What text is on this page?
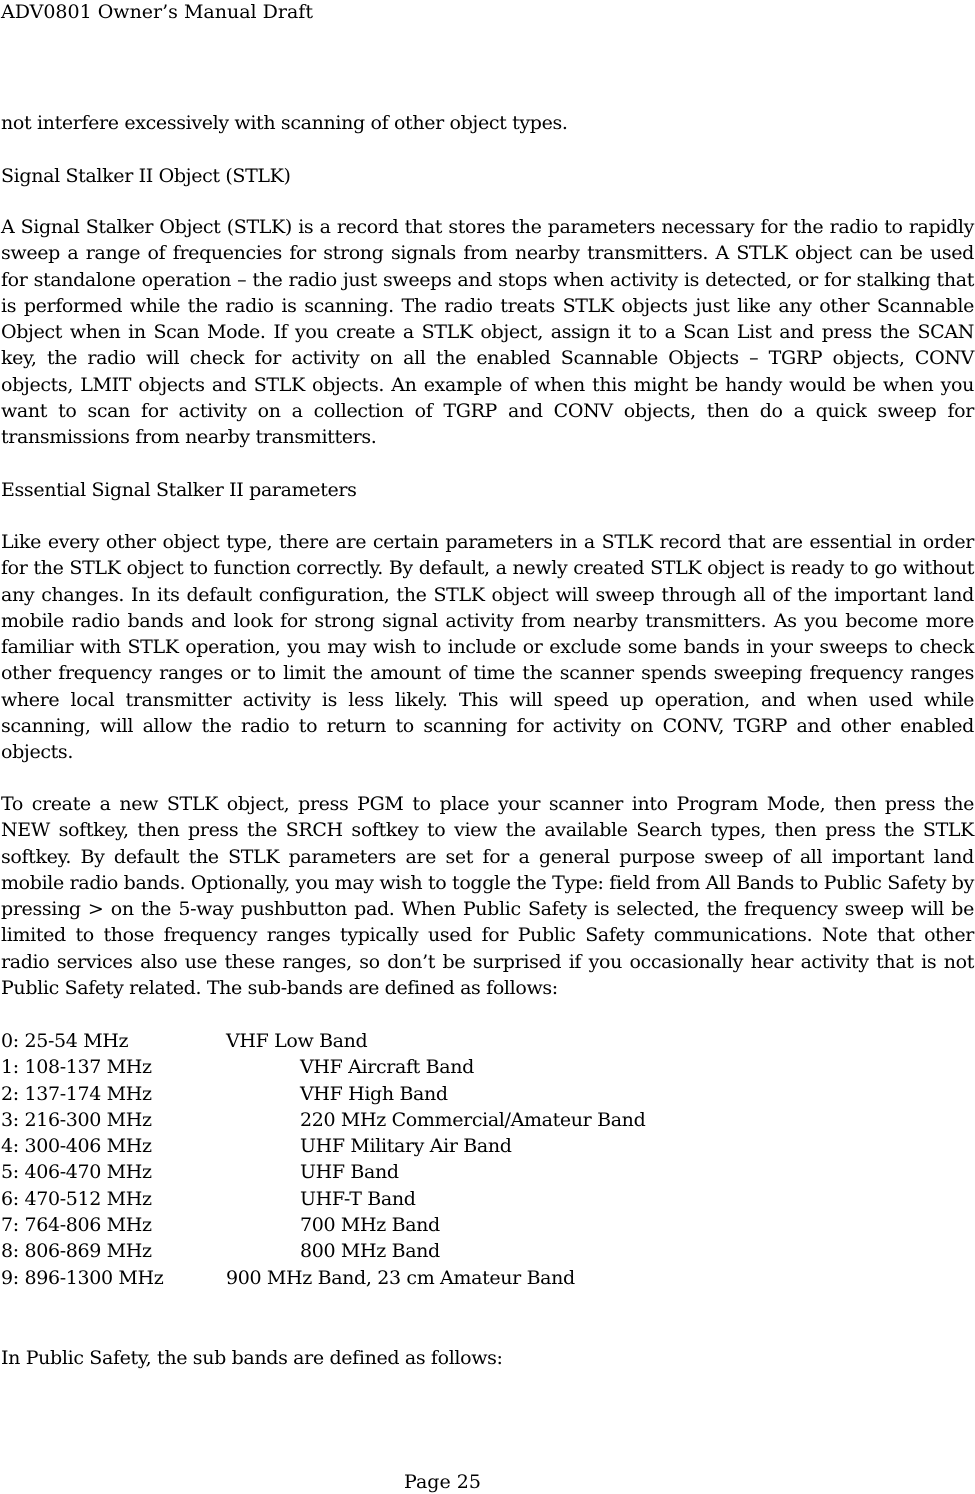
ADV0801 Owner’s Manual Draft

not interfere excessively with scanning of other object types.

Signal Stalker II Object (STLK)

A Signal Stalker Object (STLK) is a record that stores the parameters necessary for the radio to rapidly sweep a range of frequencies for strong signals from nearby transmitters. A STLK object can be used for standalone operation – the radio just sweeps and stops when activity is detected, or for stalking that is performed while the radio is scanning. The radio treats STLK objects just like any other Scannable Object when in Scan Mode. If you create a STLK object, assign it to a Scan List and press the SCAN key, the radio will check for activity on all the enabled Scannable Objects – TGRP objects, CONV objects, LMIT objects and STLK objects. An example of when this might be handy would be when you want to scan for activity on a collection of TGRP and CONV objects, then do a quick sweep for transmissions from nearby transmitters.

Essential Signal Stalker II parameters

Like every other object type, there are certain parameters in a STLK record that are essential in order for the STLK object to function correctly. By default, a newly created STLK object is ready to go without any changes. In its default configuration, the STLK object will sweep through all of the important land mobile radio bands and look for strong signal activity from nearby transmitters. As you become more familiar with STLK operation, you may wish to include or exclude some bands in your sweeps to check other frequency ranges or to limit the amount of time the scanner spends sweeping frequency ranges where local transmitter activity is less likely. This will speed up operation, and when used while scanning, will allow the radio to return to scanning for activity on CONV, TGRP and other enabled objects.

To create a new STLK object, press PGM to place your scanner into Program Mode, then press the NEW softkey, then press the SRCH softkey to view the available Search types, then press the STLK softkey. By default the STLK parameters are set for a general purpose sweep of all important land mobile radio bands. Optionally, you may wish to toggle the Type: field from All Bands to Public Safety by pressing > on the 5-way pushbutton pad. When Public Safety is selected, the frequency sweep will be limited to those frequency ranges typically used for Public Safety communications. Note that other radio services also use these ranges, so don’t be surprised if you occasionally hear activity that is not Public Safety related. The sub-bands are defined as follows:

0: 25-54 MHz	VHF Low Band
1: 108-137 MHz	VHF Aircraft Band
2: 137-174 MHz	VHF High Band
3: 216-300 MHz	220 MHz Commercial/Amateur Band
4: 300-406 MHz	UHF Military Air Band
5: 406-470 MHz	UHF Band
6: 470-512 MHz	UHF-T Band
7: 764-806 MHz	700 MHz Band
8: 806-869 MHz	800 MHz Band
9: 896-1300 MHz	900 MHz Band, 23 cm Amateur Band

In Public Safety, the sub bands are defined as follows:

Page 25
